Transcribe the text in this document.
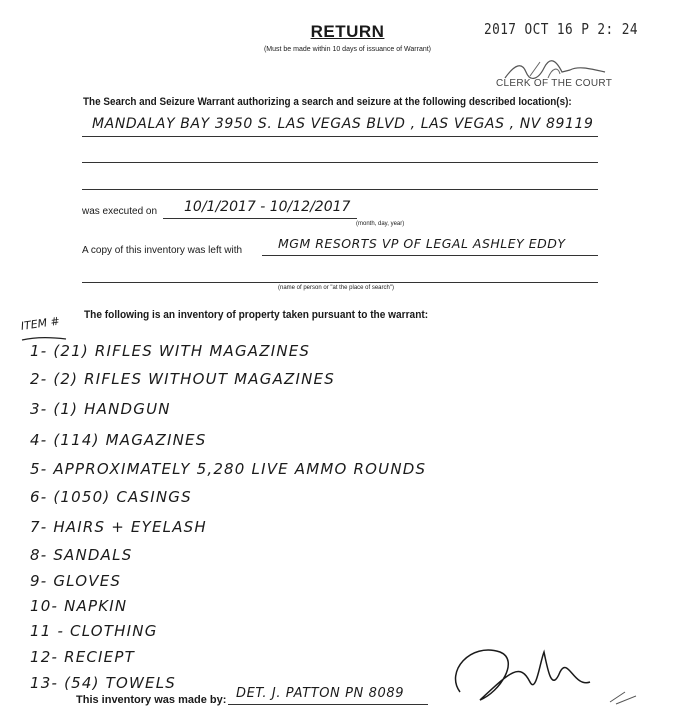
RETURN
(Must be made within 10 days of issuance of Warrant)
2017 OCT 16 P 2: 24
CLERK OF THE COURT
The Search and Seizure Warrant authorizing a search and seizure at the following described location(s):
MANDALAY BAY 3950 S. LAS VEGAS BLVD , LAS VEGAS , NV 89119
was executed on 10/1/2017 - 10/12/2017
(month, day, year)
A copy of this inventory was left with	MGM RESORTS VP OF LEGAL ASHLEY EDDY
(name of person or "at the place of search")
The following is an inventory of property taken pursuant to the warrant:
ITEM #
1- (21) RIFLES WITH MAGAZINES
2- (2) RIFLES WITHOUT MAGAZINES
3- (1) HANDGUN
4- (114) MAGAZINES
5- APPROXIMATELY 5,280 LIVE AMMO ROUNDS
6- (1050) CASINGS
7- HAIRS + EYELASH
8- SANDALS
9- GLOVES
10- NAPKIN
11 - CLOTHING
12- RECIEPT
13- (54) TOWELS
This inventory was made by: DET. J. PATTON PN 8089
